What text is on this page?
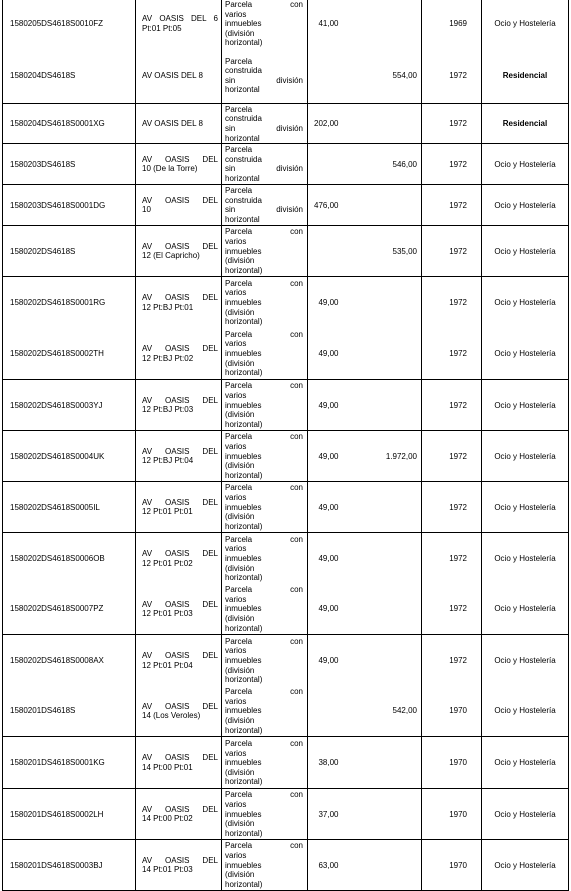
1580205DS4618S0010FZ	AV OASIS DEL 6
Pt:01 Pt:05	Parcela con
varios
inmuebles
(división
horizontal)	41,00		1969	Ocio y Hostelería
1580204DS4618S	AV OASIS DEL 8	Parcela
construida
sin división
horizontal		554,00	1972	Residencial
1580204DS4618S0001XG	AV OASIS DEL 8	Parcela
construida
sin división
horizontal	202,00		1972	Residencial
1580203DS4618S	AV OASIS DEL
10 (De la Torre)	Parcela
construida
sin división
horizontal		546,00	1972	Ocio y Hostelería
1580203DS4618S0001DG	AV OASIS DEL
10	Parcela
construida
sin división
horizontal	476,00		1972	Ocio y Hostelería
1580202DS4618S	AV OASIS DEL
12 (El Capricho)	Parcela con
varios
inmuebles
(división
horizontal)		535,00	1972	Ocio y Hostelería
1580202DS4618S0001RG	AV OASIS DEL
12 Pt:BJ Pt:01	Parcela con
varios
inmuebles
(división
horizontal)	49,00		1972	Ocio y Hostelería
1580202DS4618S0002TH	AV OASIS DEL
12 Pt:BJ Pt:02	Parcela con
varios
inmuebles
(división
horizontal)	49,00		1972	Ocio y Hostelería
1580202DS4618S0003YJ	AV OASIS DEL
12 Pt:BJ Pt:03	Parcela con
varios
inmuebles
(división
horizontal)	49,00		1972	Ocio y Hostelería
1580202DS4618S0004UK	AV OASIS DEL
12 Pt:BJ Pt:04	Parcela con
varios
inmuebles
(división
horizontal)	49,00	1.972,00	1972	Ocio y Hostelería
1580202DS4618S0005IL	AV OASIS DEL
12 Pt:01 Pt:01	Parcela con
varios
inmuebles
(división
horizontal)	49,00		1972	Ocio y Hostelería
1580202DS4618S0006OB	AV OASIS DEL
12 Pt:01 Pt:02	Parcela con
varios
inmuebles
(división
horizontal)	49,00		1972	Ocio y Hostelería
1580202DS4618S0007PZ	AV OASIS DEL
12 Pt:01 Pt:03	Parcela con
varios
inmuebles
(división
horizontal)	49,00		1972	Ocio y Hostelería
1580202DS4618S0008AX	AV OASIS DEL
12 Pt:01 Pt:04	Parcela con
varios
inmuebles
(división
horizontal)	49,00		1972	Ocio y Hostelería
1580201DS4618S	AV OASIS DEL
14 (Los Veroles)	Parcela con
varios
inmuebles
(división
horizontal)		542,00	1970	Ocio y Hostelería
1580201DS4618S0001KG	AV OASIS DEL
14 Pt:00 Pt:01	Parcela con
varios
inmuebles
(división
horizontal)	38,00		1970	Ocio y Hostelería
1580201DS4618S0002LH	AV OASIS DEL
14 Pt:00 Pt:02	Parcela con
varios
inmuebles
(división
horizontal)	37,00		1970	Ocio y Hostelería
1580201DS4618S0003BJ	AV OASIS DEL
14 Pt:01 Pt:03	Parcela con
varios
inmuebles
(división
horizontal)	63,00		1970	Ocio y Hostelería
